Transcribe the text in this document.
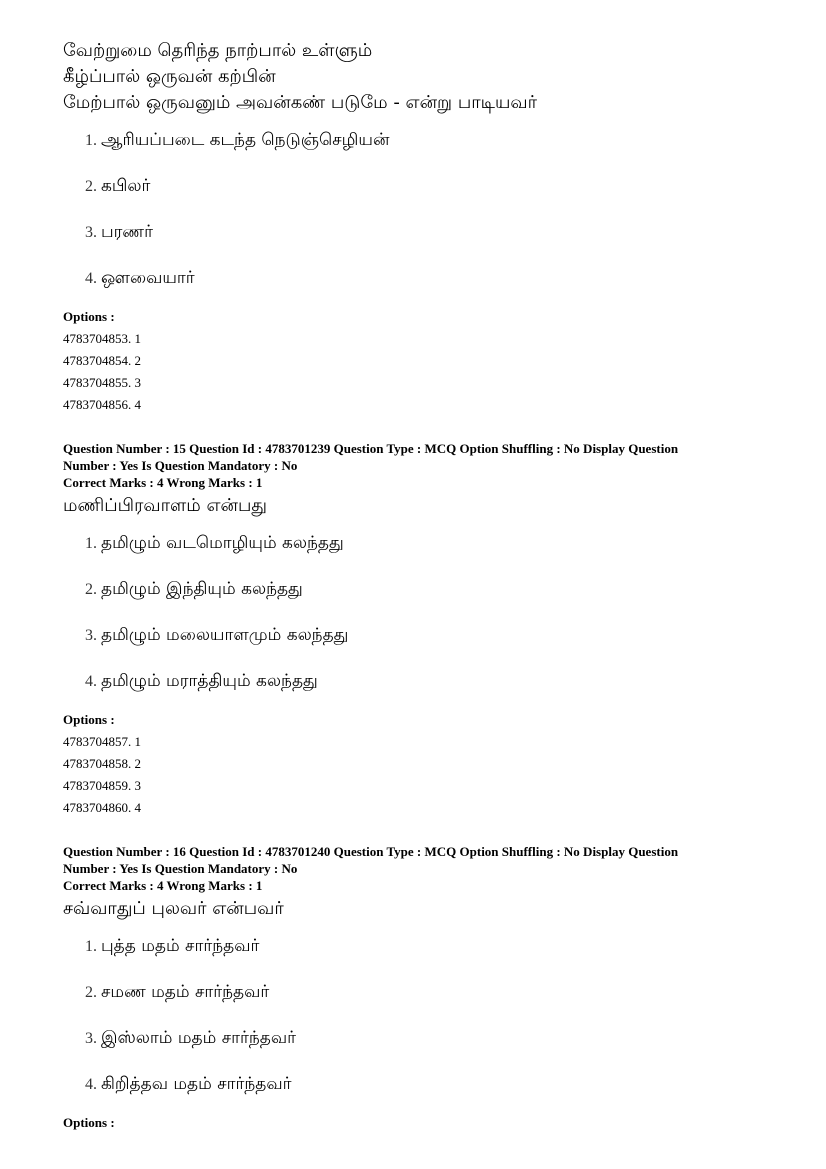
வேற்றுமை தெரிந்த நாற்பால் உள்ளும்
கீழ்ப்பால் ஒருவன் கற்பின்
மேற்பால் ஒருவனும் அவன்கண் படுமே - என்று பாடியவர்
1. ஆரியப்படை கடந்த நெடுஞ்செழியன்
2. கபிலர்
3. பரணர்
4. ஔவையார்
Options :
4783704853. 1
4783704854. 2
4783704855. 3
4783704856. 4
Question Number : 15 Question Id : 4783701239 Question Type : MCQ Option Shuffling : No Display Question
Number : Yes Is Question Mandatory : No
Correct Marks : 4 Wrong Marks : 1
மணிப்பிரவாளம் என்பது
1. தமிழும் வடமொழியும் கலந்தது
2. தமிழும் இந்தியும் கலந்தது
3. தமிழும் மலையாளமும் கலந்தது
4. தமிழும் மராத்தியும் கலந்தது
Options :
4783704857. 1
4783704858. 2
4783704859. 3
4783704860. 4
Question Number : 16 Question Id : 4783701240 Question Type : MCQ Option Shuffling : No Display Question
Number : Yes Is Question Mandatory : No
Correct Marks : 4 Wrong Marks : 1
சவ்வாதுப் புலவர் என்பவர்
1. புத்த மதம் சார்ந்தவர்
2. சமண மதம் சார்ந்தவர்
3. இஸ்லாம் மதம் சார்ந்தவர்
4. கிறித்தவ மதம் சார்ந்தவர்
Options :
